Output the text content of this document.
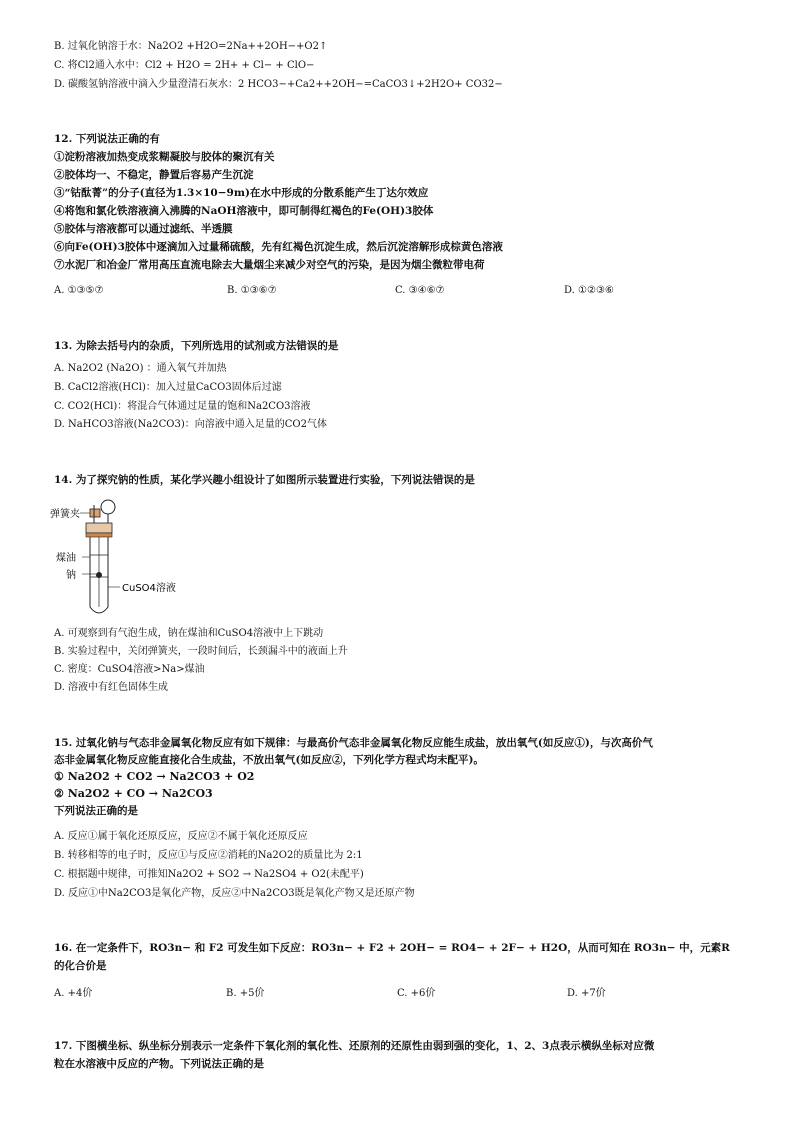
B. 过氧化钠溶于水：Na2O2 +H2O=2Na++2OH−+O2↑
C. 将Cl2通入水中：Cl2 + H2O = 2H+ + Cl− + ClO−
D. 碳酸氢钠溶液中滴入少量澄清石灰水：2 HCO3−+Ca2++2OH−=CaCO3↓+2H2O+ CO32−
12. 下列说法正确的有
①淀粉溶液加热变成浆糊凝胶与胶体的聚沉有关
②胶体均一、不稳定，静置后容易产生沉淀
③“钴酞菁”的分子(直径为1.3×10−9m)在水中形成的分散系能产生丁达尔效应
④将饱和氯化铁溶液滴入沸腾的NaOH溶液中，即可制得红褐色的Fe(OH)3胶体
⑤胶体与溶液都可以通过滤纸、半透膜
⑥向Fe(OH)3胶体中逐滴加入过量稀硫酸，先有红褐色沉淀生成，然后沉淀溶解形成棕黄色溶液
⑦水泥厂和冶金厂常用高压直流电除去大量烟尘来减少对空气的污染，是因为烟尘微粒带电荷
A. ①③⑤⑦	B. ①③⑥⑦	C. ③④⑥⑦	D. ①②③⑥
13. 为除去括号内的杂质，下列所选用的试剂或方法错误的是
A. Na2O2 (Na2O) ：通入氧气并加热
B. CaCl2溶液(HCl)：加入过量CaCO3固体后过滤
C. CO2(HCl)：将混合气体通过足量的饱和Na2CO3溶液
D. NaHCO3溶液(Na2CO3)：向溶液中通入足量的CO2气体
14. 为了探究钠的性质，某化学兴趣小组设计了如图所示装置进行实验，下列说法错误的是
弹簧夹
煤油
钠
CuSO4溶液
A. 可观察到有气泡生成，钠在煤油和CuSO4溶液中上下跳动
B. 实验过程中，关闭弹簧夹，一段时间后，长颈漏斗中的液面上升
C. 密度：CuSO4溶液>Na>煤油
D. 溶液中有红色固体生成
15. 过氧化钠与气态非金属氧化物反应有如下规律：与最高价气态非金属氧化物反应能生成盐，放出氧气(如反应①)，与次高价气
态非金属氧化物反应能直接化合生成盐，不放出氧气(如反应②，下列化学方程式均未配平)。
① Na2O2 + CO2 → Na2CO3 + O2
② Na2O2 + CO → Na2CO3
下列说法正确的是
A. 反应①属于氧化还原反应，反应②不属于氧化还原反应
B. 转移相等的电子时，反应①与反应②消耗的Na2O2的质量比为 2:1
C. 根据题中规律，可推知Na2O2 + SO2 → Na2SO4 + O2(未配平)
D. 反应①中Na2CO3是氧化产物，反应②中Na2CO3既是氧化产物又是还原产物
16. 在一定条件下，RO3n− 和 F2 可发生如下反应：RO3n− + F2 + 2OH− = RO4− + 2F− + H2O，从而可知在 RO3n− 中，元素R
的化合价是
A. +4价	B. +5价	C. +6价	D. +7价
17. 下图横坐标、纵坐标分别表示一定条件下氧化剂的氧化性、还原剂的还原性由弱到强的变化，1、2、3点表示横纵坐标对应微
粒在水溶液中反应的产物。下列说法正确的是
